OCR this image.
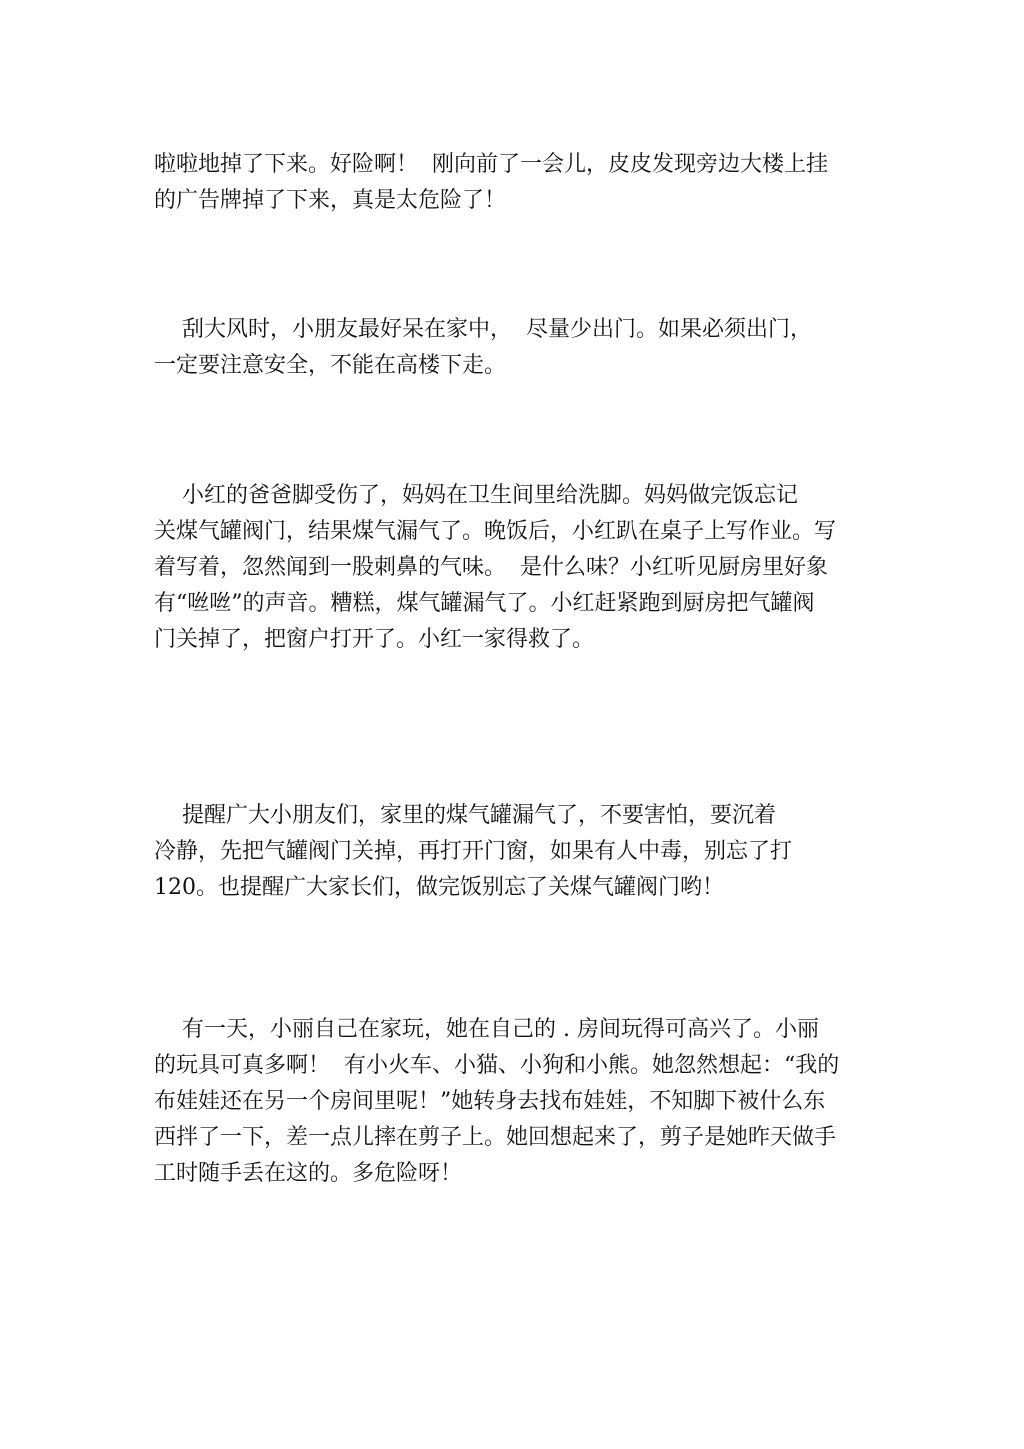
啦啦地掉了下来。好险啊！  刚向前了一会儿，皮皮发现旁边大楼上挂
的广告牌掉了下来，真是太危险了！
刮大风时，小朋友最好呆在家中，  尽量少出门。如果必须出门，
一定要注意安全，不能在高楼下走。
小红的爸爸脚受伤了，妈妈在卫生间里给洗脚。妈妈做完饭忘记
关煤气罐阀门，结果煤气漏气了。晚饭后，小红趴在桌子上写作业。写
着写着，忽然闻到一股刺鼻的气味。  是什么味？小红听见厨房里好象
有“咝咝”的声音。糟糕，煤气罐漏气了。小红赶紧跑到厨房把气罐阀
门关掉了，把窗户打开了。小红一家得救了。
提醒广大小朋友们，家里的煤气罐漏气了，不要害怕，要沉着
冷静，先把气罐阀门关掉，再打开门窗，如果有人中毒，别忘了打
120。也提醒广大家长们，做完饭别忘了关煤气罐阀门哟！
有一天，小丽自己在家玩，她在自己的 . 房间玩得可高兴了。小丽
的玩具可真多啊！  有小火车、小猫、小狗和小熊。她忽然想起：“我的
布娃娃还在另一个房间里呢！”她转身去找布娃娃，不知脚下被什么东
西拌了一下，差一点儿摔在剪子上。她回想起来了，剪子是她昨天做手
工时随手丢在这的。多危险呀！
